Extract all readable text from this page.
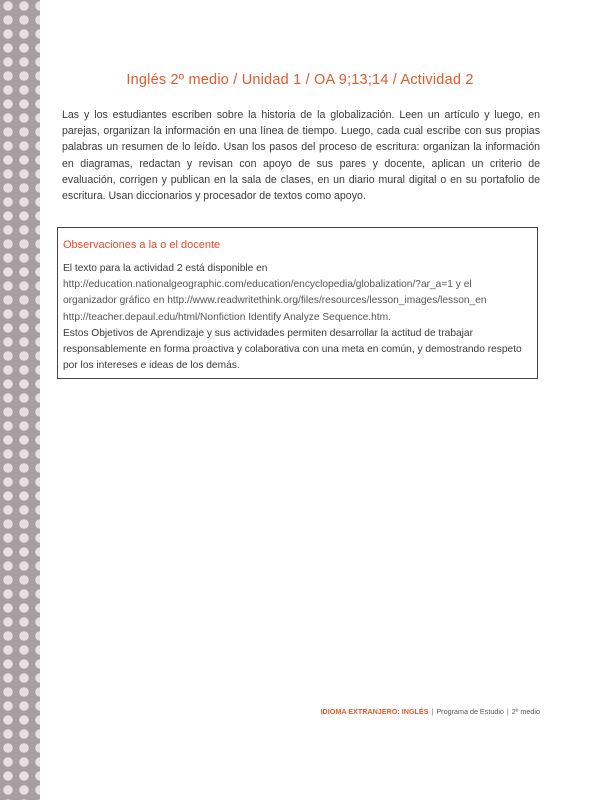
Inglés 2º medio / Unidad 1 / OA 9;13;14 / Actividad 2
Las y los estudiantes escriben sobre la historia de la globalización. Leen un artículo y luego, en parejas, organizan la información en una línea de tiempo. Luego, cada cual escribe con sus propias palabras un resumen de lo leído. Usan los pasos del proceso de escritura: organizan la información en diagramas, redactan y revisan con apoyo de sus pares y docente, aplican un criterio de evaluación, corrigen y publican en la sala de clases, en un diario mural digital o en su portafolio de escritura. Usan diccionarios y procesador de textos como apoyo.
Observaciones a la o el docente
El texto para la actividad 2 está disponible en
http://education.nationalgeographic.com/education/encyclopedia/globalization/?ar_a=1 y el
organizador gráfico en http://www.readwritethink.org/files/resources/lesson_images/lesson_en
http://teacher.depaul.edu/html/Nonfiction Identify Analyze Sequence.htm.
Estos Objetivos de Aprendizaje y sus actividades permiten desarrollar la actitud de trabajar responsablemente en forma proactiva y colaborativa con una meta en común, y demostrando respeto por los intereses e ideas de los demás.
IDIOMA EXTRANJERO: INGLÉS | Programa de Estudio | 2º medio
